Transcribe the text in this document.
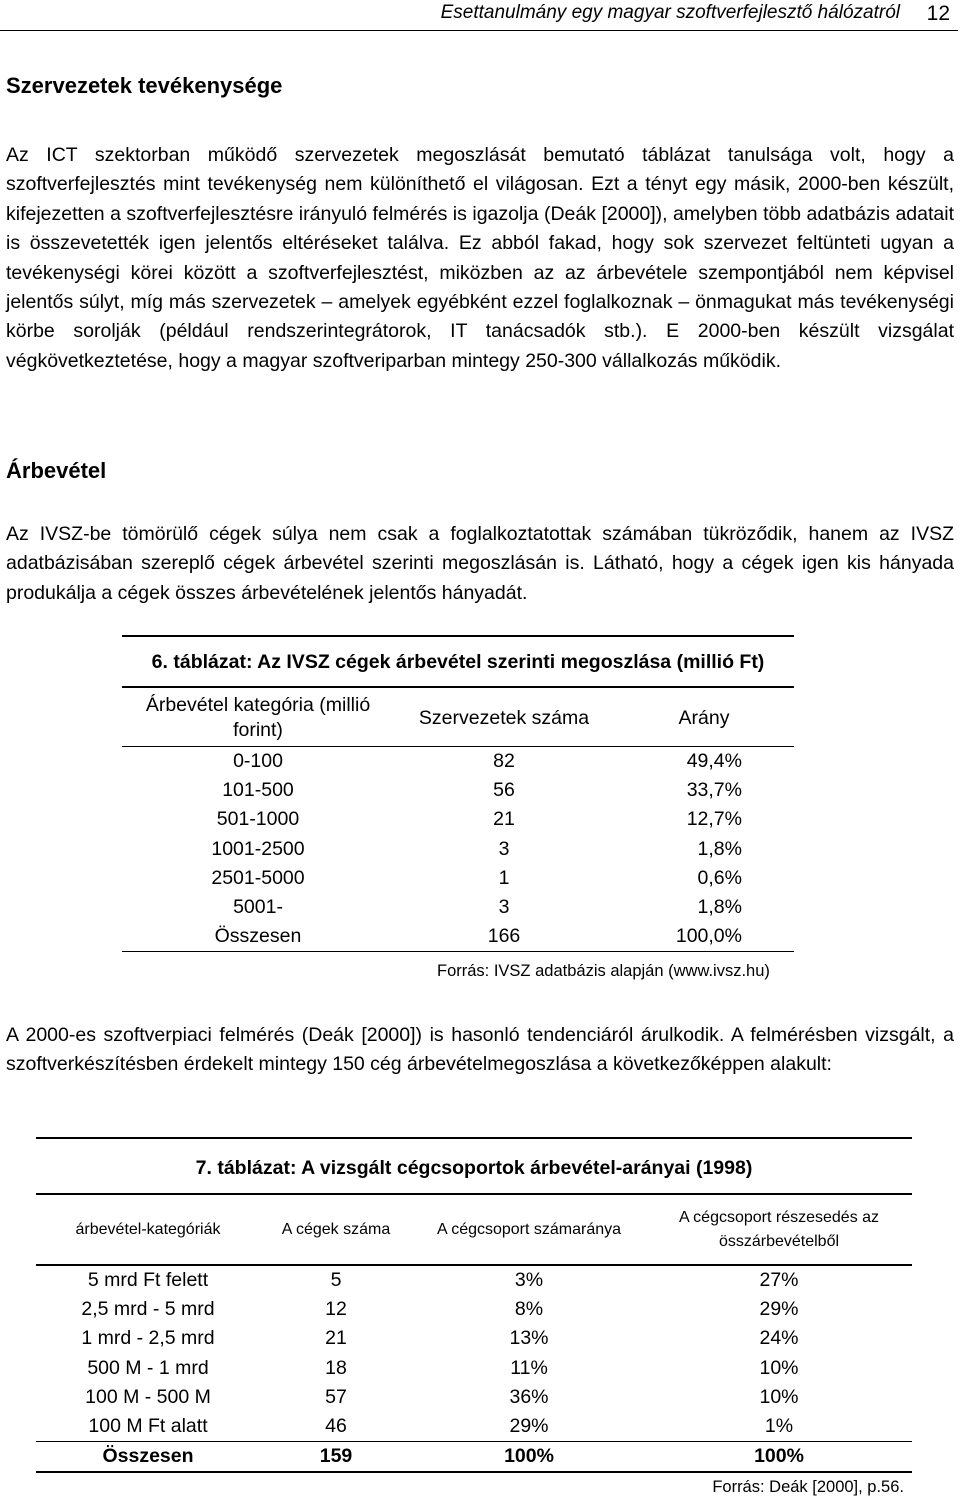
Esettanulmány egy magyar szoftverfejlesztő hálózatról 12
Szervezetek tevékenysége

Az ICT szektorban működő szervezetek megoszlását bemutató táblázat tanulsága volt, hogy a szoftverfejlesztés mint tevékenység nem különíthető el világosan. Ezt a tényt egy másik, 2000-ben készült, kifejezetten a szoftverfejlesztésre irányuló felmérés is igazolja (Deák [2000]), amelyben több adatbázis adatait is összevetették igen jelentős eltéréseket találva. Ez abból fakad, hogy sok szervezet feltünteti ugyan a tevékenységi körei között a szoftverfejlesztést, miközben az az árbevétele szempontjából nem képvisel jelentős súlyt, míg más szervezetek – amelyek egyébként ezzel foglalkoznak – önmagukat más tevékenységi körbe sorolják (például rendszerintegrátorok, IT tanácsadók stb.). E 2000-ben készült vizsgálat végkövetkeztetése, hogy a magyar szoftveriparban mintegy 250-300 vállalkozás működik.

Árbevétel

Az IVSZ-be tömörülő cégek súlya nem csak a foglalkoztatottak számában tükröződik, hanem az IVSZ adatbázisában szereplő cégek árbevétel szerinti megoszlásán is. Látható, hogy a cégek igen kis hányada produkálja a cégek összes árbevételének jelentős hányadát.

6. táblázat: Az IVSZ cégek árbevétel szerinti megoszlása (millió Ft)
Árbevétel kategória (millió forint)	Szervezetek száma	Arány
0-100	82	49,4%
101-500	56	33,7%
501-1000	21	12,7%
1001-2500	3	1,8%
2501-5000	1	0,6%
5001-	3	1,8%
Összesen	166	100,0%
Forrás: IVSZ adatbázis alapján (www.ivsz.hu)

A 2000-es szoftverpiaci felmérés (Deák [2000]) is hasonló tendenciáról árulkodik. A felmérésben vizsgált, a szoftverkészítésben érdekelt mintegy 150 cég árbevételmegoszlása a következőképpen alakult:

7. táblázat: A vizsgált cégcsoportok árbevétel-arányai (1998)
árbevétel-kategóriák	A cégek száma	A cégcsoport számaránya	A cégcsoport részesedés az összárbevételből
5 mrd Ft felett	5	3%	27%
2,5 mrd - 5 mrd	12	8%	29%
1 mrd - 2,5 mrd	21	13%	24%
500 M - 1 mrd	18	11%	10%
100 M - 500 M	57	36%	10%
100 M Ft alatt	46	29%	1%
Összesen	159	100%	100%
Forrás: Deák [2000], p.56.
